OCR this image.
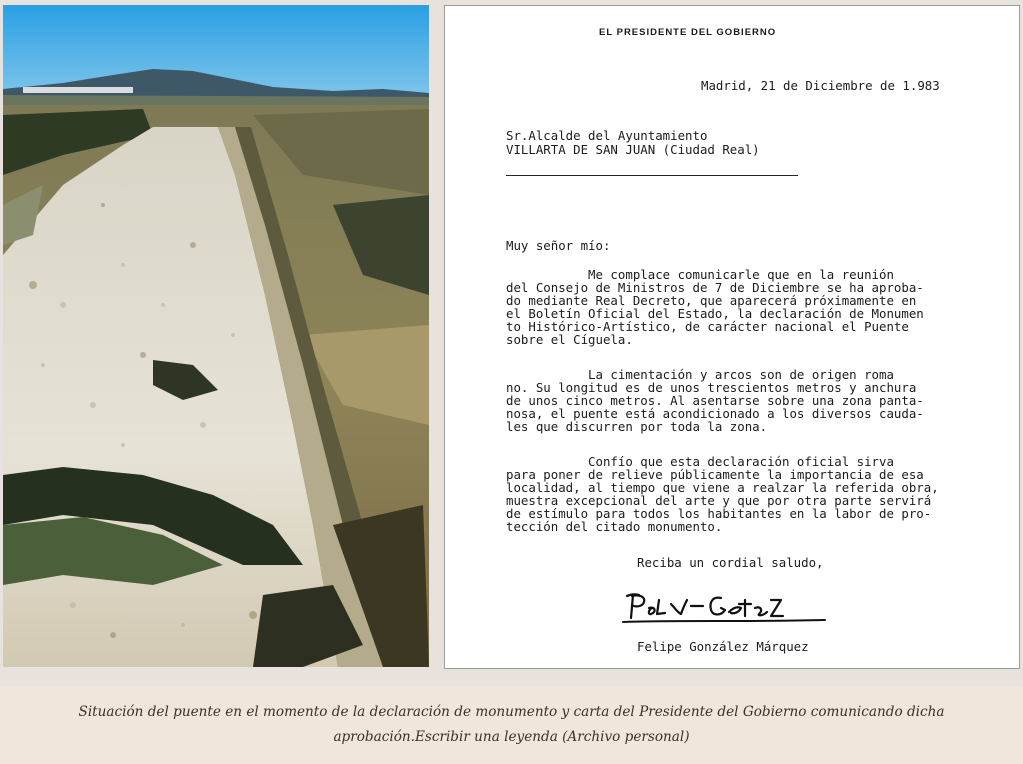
EL PRESIDENTE DEL GOBIERNO
Madrid, 21 de Diciembre de 1.983
Sr.Alcalde del Ayuntamiento
VILLARTA DE SAN JUAN (Ciudad Real)
Muy señor mío:
Me complace comunicarle que en la reunión
del Consejo de Ministros de 7 de Diciembre se ha aproba-
do mediante Real Decreto, que aparecerá próximamente en
el Boletín Oficial del Estado, la declaración de Monumen
to Histórico-Artístico, de carácter nacional el Puente
sobre el Cíguela.
La cimentación y arcos son de origen roma
no. Su longitud es de unos trescientos metros y anchura
de unos cinco metros. Al asentarse sobre una zona panta-
nosa, el puente está acondicionado a los diversos cauda-
les que discurren por toda la zona.
Confío que esta declaración oficial sirva
para poner de relieve públicamente la importancia de esa
localidad, al tiempo que viene a realzar la referida obra,
muestra excepcional del arte y que por otra parte servirá
de estímulo para todos los habitantes en la labor de pro-
tección del citado monumento.
Reciba un cordial saludo,
Felipe González Márquez
Situación del puente en el momento de la declaración de monumento y carta del Presidente del Gobierno comunicando dicha
aprobación.Escribir una leyenda (Archivo personal)
